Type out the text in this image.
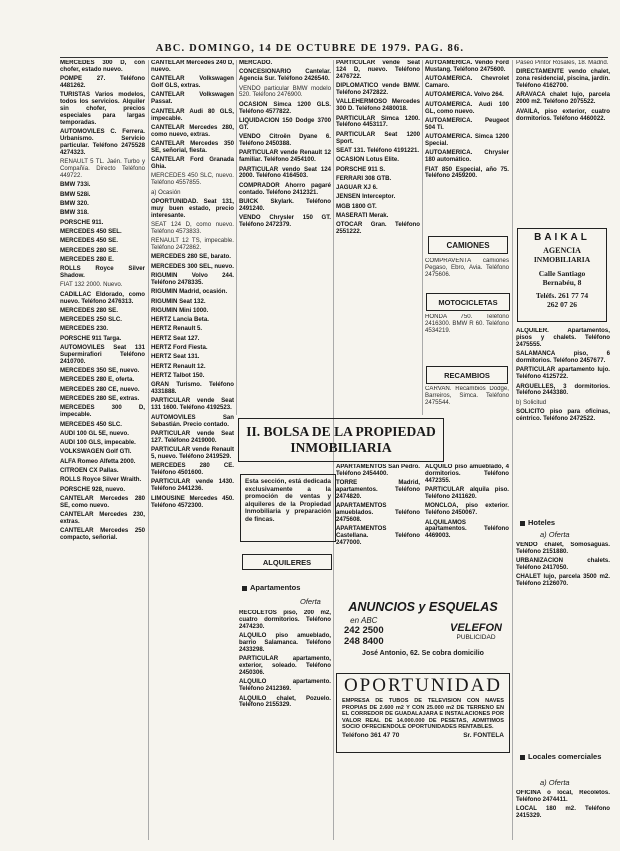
ABC. DOMINGO, 14 DE OCTUBRE DE 1979. PAG. 86.

MERCEDES 300 D, con chofer, estado nuevo.

POMPE 27. Teléfono 4481262.

TURISTAS Varios modelos, todos los servicios. Alquiler sin chofer, precios especiales para largas temporadas.

AUTOMOVILES C. Ferrera. Urbanismo. Servicio particular. Teléfono 2475528 4274323.

RENAULT 5 TL. Jaén. Turbo y Compañía. Directo Teléfono 449722.

BMW 733i.

BMW 528i.

BMW 320.

BMW 318.

PORSCHE 911.

MERCEDES 450 SEL.

MERCEDES 450 SE.

MERCEDES 280 SE.

MERCEDES 280 E.

ROLLS Royce Silver Shadow.

FIAT 132 2000. Nuevo.

CADILLAC Eldorado, como nuevo. Teléfono 2476313.

MERCEDES 280 SE.

MERCEDES 250 SLC.

MERCEDES 230.

PORSCHE 911 Targa.

AUTOMOVILES Seat 131 Supermirafiori Teléfono 2410700.

MERCEDES 350 SE, nuevo.

MERCEDES 280 E, oferta.

MERCEDES 280 CE, nuevo.

MERCEDES 280 SE, extras.

MERCEDES 300 D, impecable.

MERCEDES 450 SLC.

AUDI 100 GL 5E, nuevo.

AUDI 100 GLS, impecable.

VOLKSWAGEN Golf GTI.

ALFA Romeo Alfetta 2000.

CITROEN CX Pallas.

ROLLS Royce Silver Wraith.

PORSCHE 928, nuevo.

CANTELAR Mercedes 280 SE, como nuevo.

CANTELAR Mercedes 230, extras.

CANTELAR Mercedes 250 compacto, señorial.

CANTELAR Mercedes 240 D, nuevo.

CANTELAR Volkswagen Golf GLS, extras.

CANTELAR Volkswagen Passat.

CANTELAR Audi 80 GLS, impecable.

CANTELAR Mercedes 280, como nuevo, extras.

CANTELAR Mercedes 350 SE, señorial, fiesta.

CANTELAR Ford Granada Ghia.

MERCEDES 450 SLC, nuevo. Teléfono 4557855.

a) Ocasión

OPORTUNIDAD. Seat 131, muy buen estado, precio interesante.

SEAT 124 D, como nuevo. Teléfono 4573833.

RENAULT 12 TS, impecable. Teléfono 2472862.

MERCEDES 280 SE, barato.

MERCEDES 300 SEL, nuevo.

RIGUMIN Volvo 244. Teléfono 2478335.

RIGUMIN Madrid, ocasión.

RIGUMIN Seat 132.

RIGUMIN Mini 1000.

HERTZ Lancia Beta.

HERTZ Renault 5.

HERTZ Seat 127.

HERTZ Ford Fiesta.

HERTZ Seat 131.

HERTZ Renault 12.

HERTZ Talbot 150.

GRAN Turismo. Teléfono 4331888.

PARTICULAR vende Seat 131 1600. Teléfono 4192523.

AUTOMOVILES San Sebastián. Precio contado.

PARTICULAR vende Seat 127. Teléfono 2419000.

PARTICULAR vende Renault 5, nuevo. Teléfono 2419529.

MERCEDES 280 CE. Teléfono 4501600.

PARTICULAR vende 1430. Teléfono 2441236.

LIMOUSINE Mercedes 450. Teléfono 4572300.

MERCADO.

CONCESIONARIO Cantelar. Agencia Sur. Teléfono 2426540.

VENDO particular BMW modelo 520. Teléfono 2476900.

OCASION Simca 1200 GLS. Teléfono 4577822.

LIQUIDACION 150 Dodge 3700 GT.

VENDO Citroën Dyane 6. Teléfono 2450388.

PARTICULAR vende Renault 12 familiar. Teléfono 2454100.

PARTICULAR vendo Seat 124 2000. Teléfono 4164503.

COMPRADOR Ahorro pagaré contado. Teléfono 2412321.

BUICK Skylark. Teléfono 2491240.

VENDO Chrysler 150 GT. Teléfono 2472379.

PARTICULAR vende Seat 124 D, nuevo. Teléfono 2476722.

DIPLOMATICO vende BMW. Teléfono 2472822.

VALLEHERMOSO Mercedes 300 D. Teléfono 2480018.

PARTICULAR Simca 1200. Teléfono 4453117.

PARTICULAR Seat 1200 Sport.

SEAT 131. Teléfono 4191221.

OCASION Lotus Elite.

PORSCHE 911 S.

FERRARI 308 GTB.

JAGUAR XJ 6.

JENSEN Interceptor.

MGB 1800 GT.

MASERATI Merak.

OTOCAR Gran. Teléfono 2551222.

AUTOAMERICA. Vendo Ford Mustang. Teléfono 2475600.

AUTOAMERICA. Chevrolet Camaro.

AUTOAMERICA. Volvo 264.

AUTOAMERICA. Audi 100 GL, como nuevo.

AUTOAMERICA. Peugeot 504 Ti.

AUTOAMERICA. Simca 1200 Special.

AUTOAMERICA. Chrysler 180 automático.

FIAT 850 Especial, año 75. Teléfono 2459200.

CAMIONES

COMPRAVENTA camiones Pegaso, Ebro, Avia. Teléfono 2475606.

MOTOCICLETAS

HONDA 750. Teléfono 2416300. BMW R 60. Teléfono 4534219.

RECAMBIOS

CARVAN. Recambios Dodge, Barreiros, Simca. Teléfono 2475544.

Paseo Pintor Rosales, 18. Madrid.

DIRECTAMENTE vendo chalet, zona residencial, piscina, jardín. Teléfono 4162700.

ARAVACA chalet lujo, parcela 2000 m2. Teléfono 2075522.

AVAILA, piso exterior, cuatro dormitorios. Teléfono 4460022.

BAIKAL
AGENCIA
INMOBILIARIA
Calle Santiago
Bernabéu, 8
Teléfs. 261 77 74
262 07 26

ALQUILER. Apartamentos, pisos y chalets. Teléfono 2475555.

SALAMANCA piso, 6 dormitorios. Teléfono 2457677.

PARTICULAR apartamento lujo. Teléfono 4125722.

ARGUELLES, 3 dormitorios. Teléfono 2443380.

b) Solicitud

SOLICITO piso para oficinas, céntrico. Teléfono 2472522.

Hoteles
a) Oferta

VENDO chalet, Somosaguas. Teléfono 2151880.

URBANIZACION chalets. Teléfono 2417050.

CHALET lujo, parcela 3500 m2. Teléfono 2126070.

Locales comerciales
a) Oferta

OFICINA o local, Recoletos. Teléfono 2474411.

LOCAL 180 m2. Teléfono 2415329.

II. BOLSA DE LA PROPIEDAD
INMOBILIARIA
Esta sección, está dedicada exclusivamente a la promoción de ventas y alquileres de la Propiedad Inmobiliaria y preparación de fincas.
ALQUILERES
Apartamentos
Oferta

RECOLETOS piso, 200 m2, cuatro dormitorios. Teléfono 2474230.

ALQUILO piso amueblado, barrio Salamanca. Teléfono 2433298.

PARTICULAR apartamento, exterior, soleado. Teléfono 2450306.

ALQUILO apartamento. Teléfono 2412369.

ALQUILO chalet, Pozuelo. Teléfono 2155329.

APARTAMENTOS San Pedro. Teléfono 2454400.

TORRE Madrid, apartamentos. Teléfono 2474820.

APARTAMENTOS amueblados. Teléfono 2475608.

APARTAMENTOS Castellana. Teléfono 2477000.

ALQUILO piso amueblado, 4 dormitorios. Teléfono 4472355.

PARTICULAR alquila piso. Teléfono 2411620.

MONCLOA, piso exterior. Teléfono 2450067.

ALQUILAMOS apartamentos. Teléfono 4469003.

ANUNCIOS y ESQUELAS
en ABC
242 2500
248 8400
VELEFON
PUBLICIDAD
José Antonio, 62. Se cobra domicilio
OPORTUNIDAD
EMPRESA DE TUBOS DE TELEVISION CON NAVES PROPIAS DE 2.600 m2 Y CON 25.000 m2 DE TERRENO EN EL CORREDOR DE GUADALAJARA E INSTALACIONES POR VALOR REAL DE 14.000.000 DE PESETAS, ADMITIMOS SOCIO OFRECIENDOLE OPORTUNIDADES RENTABLES.
Teléfono 361 47 70	Sr. FONTELA
